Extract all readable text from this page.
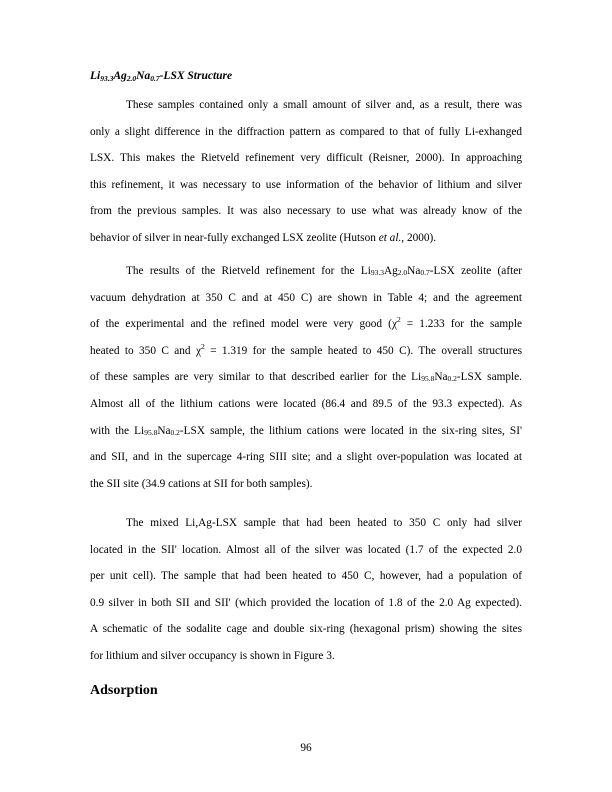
$Li_{93.3}Ag_{2.0}Na_{0.7}$-LSX Structure
These samples contained only a small amount of silver and, as a result, there was
only a slight difference in the diffraction pattern as compared to that of fully Li-exhanged
LSX. This makes the Rietveld refinement very difficult (Reisner, 2000). In approaching
this refinement, it was necessary to use information of the behavior of lithium and silver
from the previous samples. It was also necessary to use what was already know of the
behavior of silver in near-fully exchanged LSX zeolite (Hutson et al., 2000).
The results of the Rietveld refinement for the $Li_{93.3}Ag_{2.0}Na_{0.7}$-LSX zeolite (after
vacuum dehydration at 350 C and at 450 C) are shown in Table 4; and the agreement
of the experimental and the refined model were very good ($\chi^2 = 1.233$ for the sample
heated to 350 C and $\chi^2 = 1.319$ for the sample heated to 450 C). The overall structures
of these samples are very similar to that described earlier for the $Li_{95.8}Na_{0.2}$-LSX sample.
Almost all of the lithium cations were located (86.4 and 89.5 of the 93.3 expected). As
with the $Li_{95.8}Na_{0.2}$-LSX sample, the lithium cations were located in the six-ring sites, SI'
and SII, and in the supercage 4-ring SIII site; and a slight over-population was located at
the SII site (34.9 cations at SII for both samples).
The mixed Li,Ag-LSX sample that had been heated to 350 C only had silver
located in the SII' location. Almost all of the silver was located (1.7 of the expected 2.0
per unit cell). The sample that had been heated to 450 C, however, had a population of
0.9 silver in both SII and SII' (which provided the location of 1.8 of the 2.0 Ag expected).
A schematic of the sodalite cage and double six-ring (hexagonal prism) showing the sites
for lithium and silver occupancy is shown in Figure 3.
Adsorption
96
